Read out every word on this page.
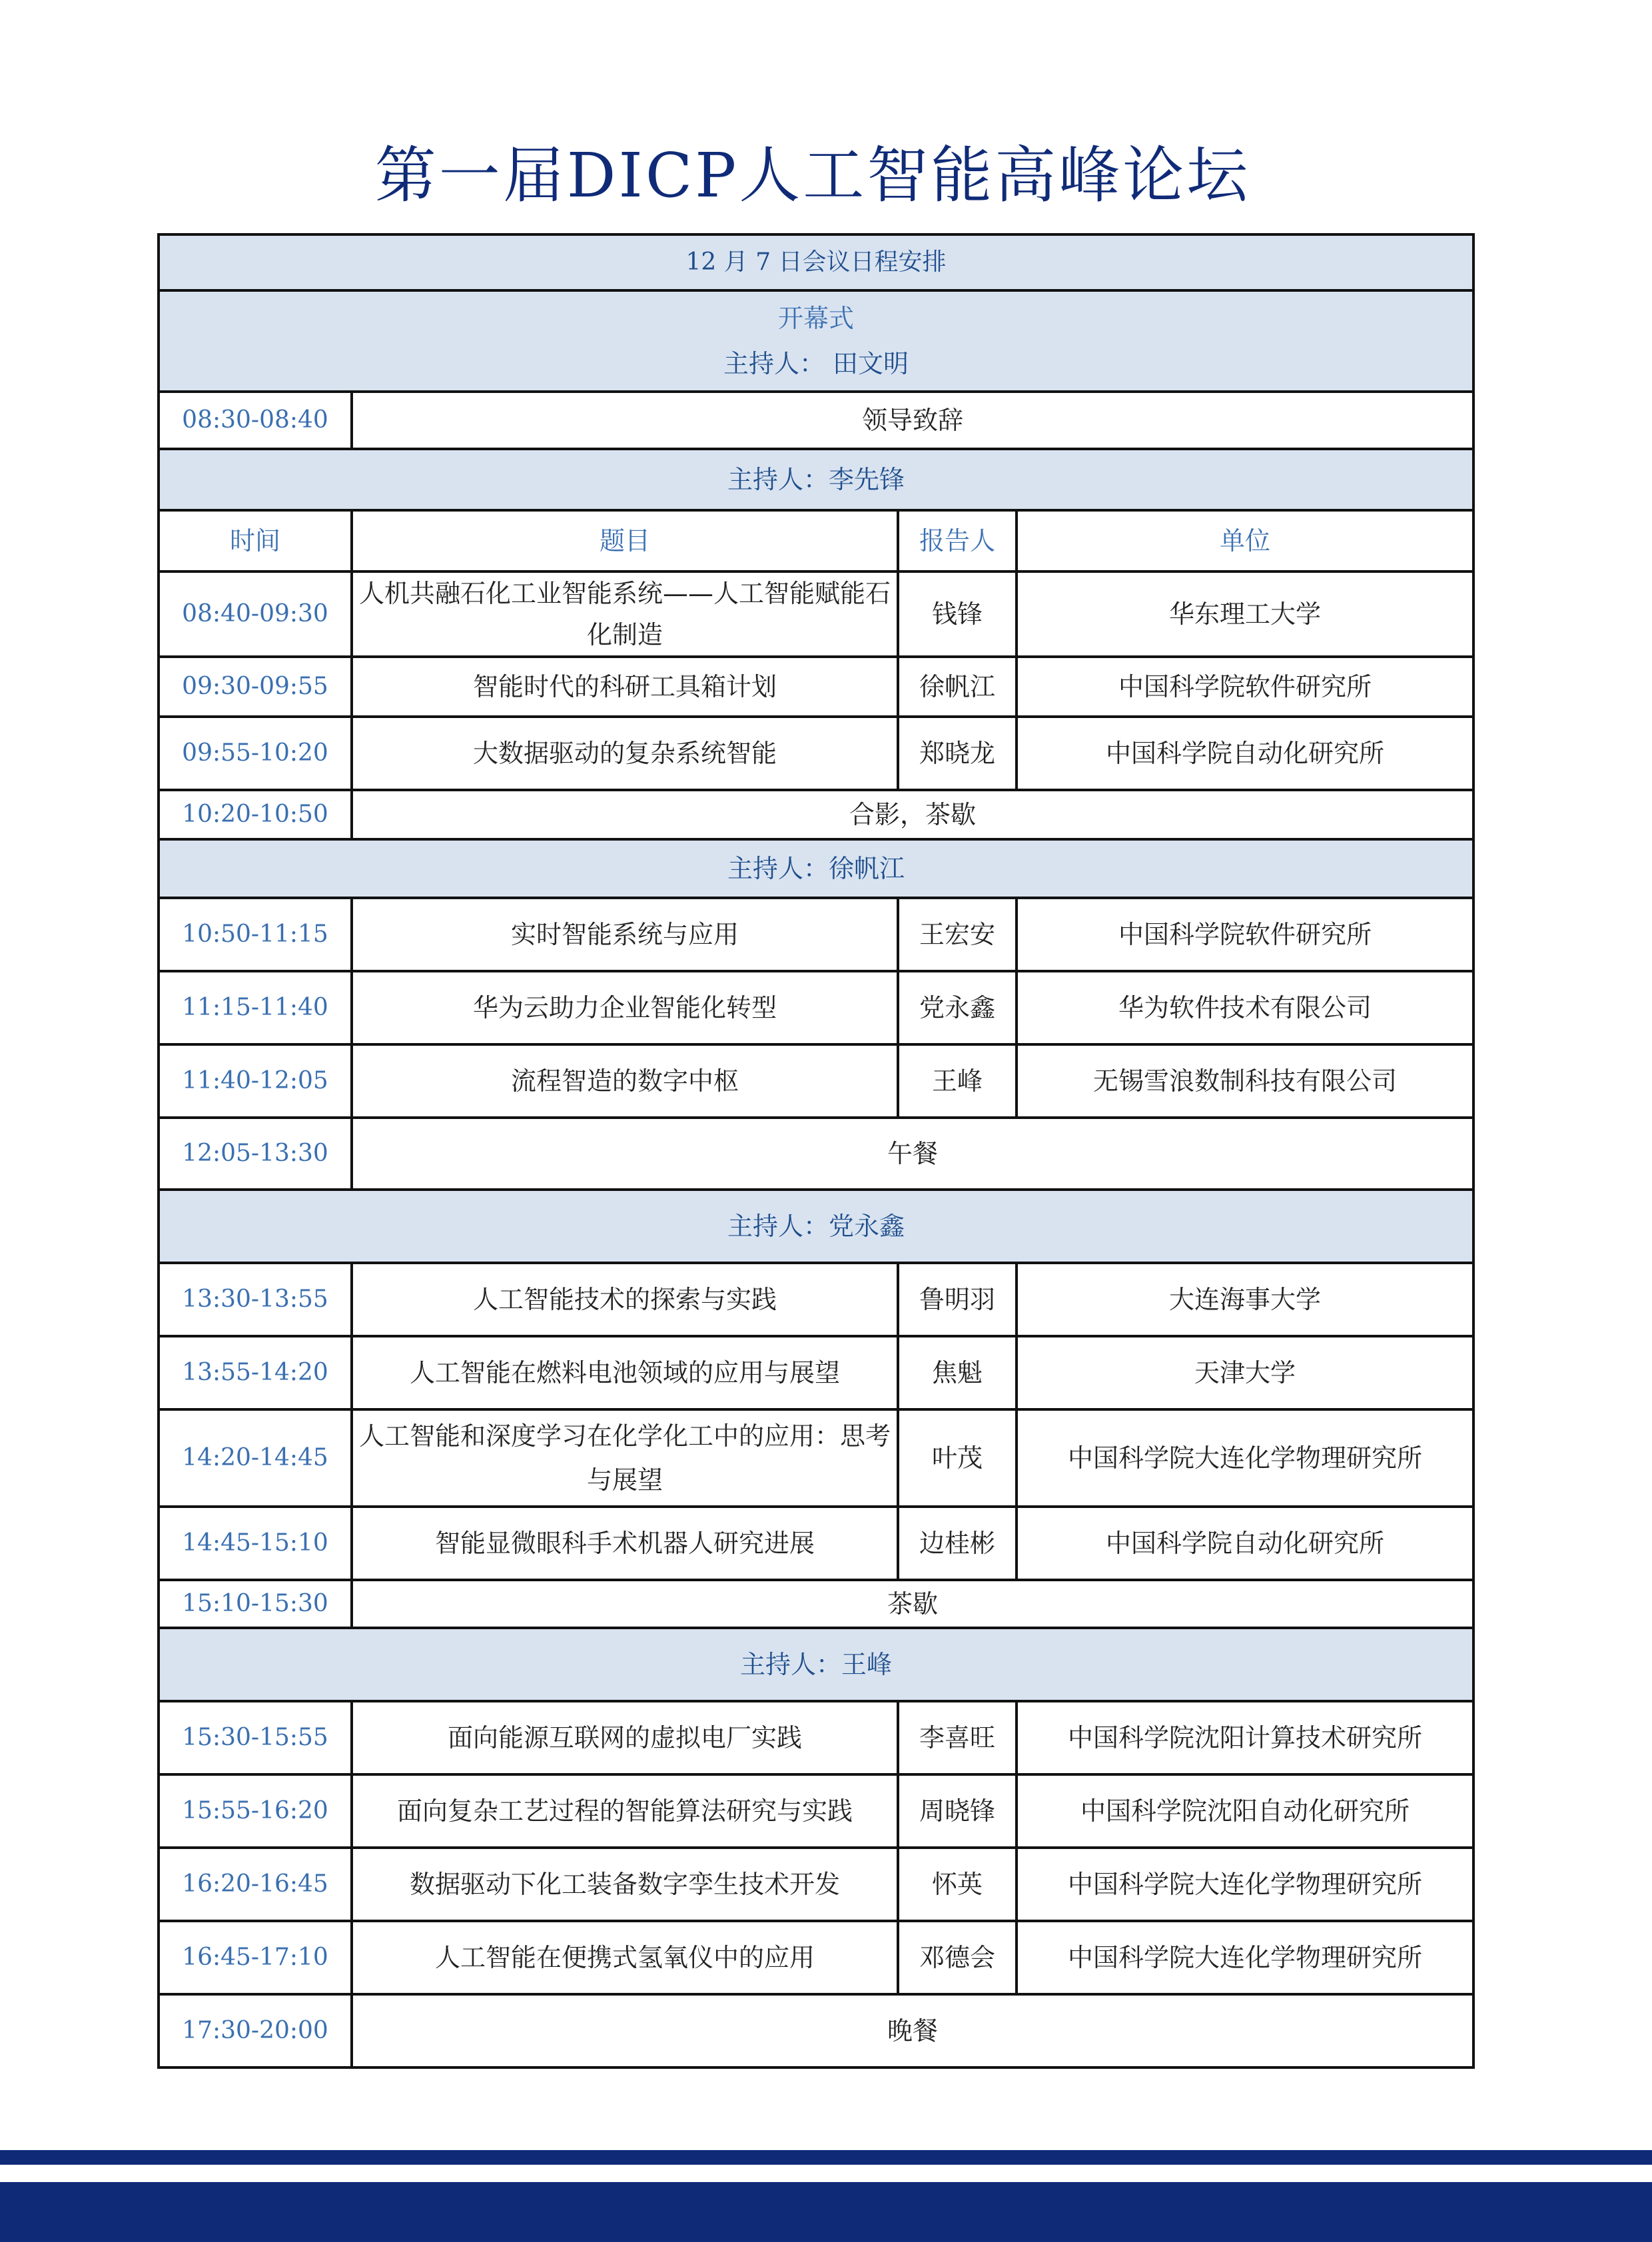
第一届DICP人工智能高峰论坛
12 月 7 日会议日程安排			

开幕式
主持人： 田文明			

08:30-08:40	领导致辞		
主持人：李先锋			
时间	题目	报告人	单位
08:40-09:30	人机共融石化工业智能系统——人工智能赋能石化制造	钱锋	华东理工大学
09:30-09:55	智能时代的科研工具箱计划	徐帆江	中国科学院软件研究所
09:55-10:20	大数据驱动的复杂系统智能	郑晓龙	中国科学院自动化研究所
10:20-10:50	合影，茶歇		
主持人：徐帆江			
10:50-11:15	实时智能系统与应用	王宏安	中国科学院软件研究所
11:15-11:40	华为云助力企业智能化转型	党永鑫	华为软件技术有限公司
11:40-12:05	流程智造的数字中枢	王峰	无锡雪浪数制科技有限公司
12:05-13:30	午餐		
主持人：党永鑫			
13:30-13:55	人工智能技术的探索与实践	鲁明羽	大连海事大学
13:55-14:20	人工智能在燃料电池领域的应用与展望	焦魁	天津大学
14:20-14:45	人工智能和深度学习在化学化工中的应用：思考与展望	叶茂	中国科学院大连化学物理研究所
14:45-15:10	智能显微眼科手术机器人研究进展	边桂彬	中国科学院自动化研究所
15:10-15:30	茶歇		
主持人：王峰			
15:30-15:55	面向能源互联网的虚拟电厂实践	李喜旺	中国科学院沈阳计算技术研究所
15:55-16:20	面向复杂工艺过程的智能算法研究与实践	周晓锋	中国科学院沈阳自动化研究所
16:20-16:45	数据驱动下化工装备数字孪生技术开发	怀英	中国科学院大连化学物理研究所
16:45-17:10	人工智能在便携式氢氧仪中的应用	邓德会	中国科学院大连化学物理研究所
17:30-20:00	晚餐		
